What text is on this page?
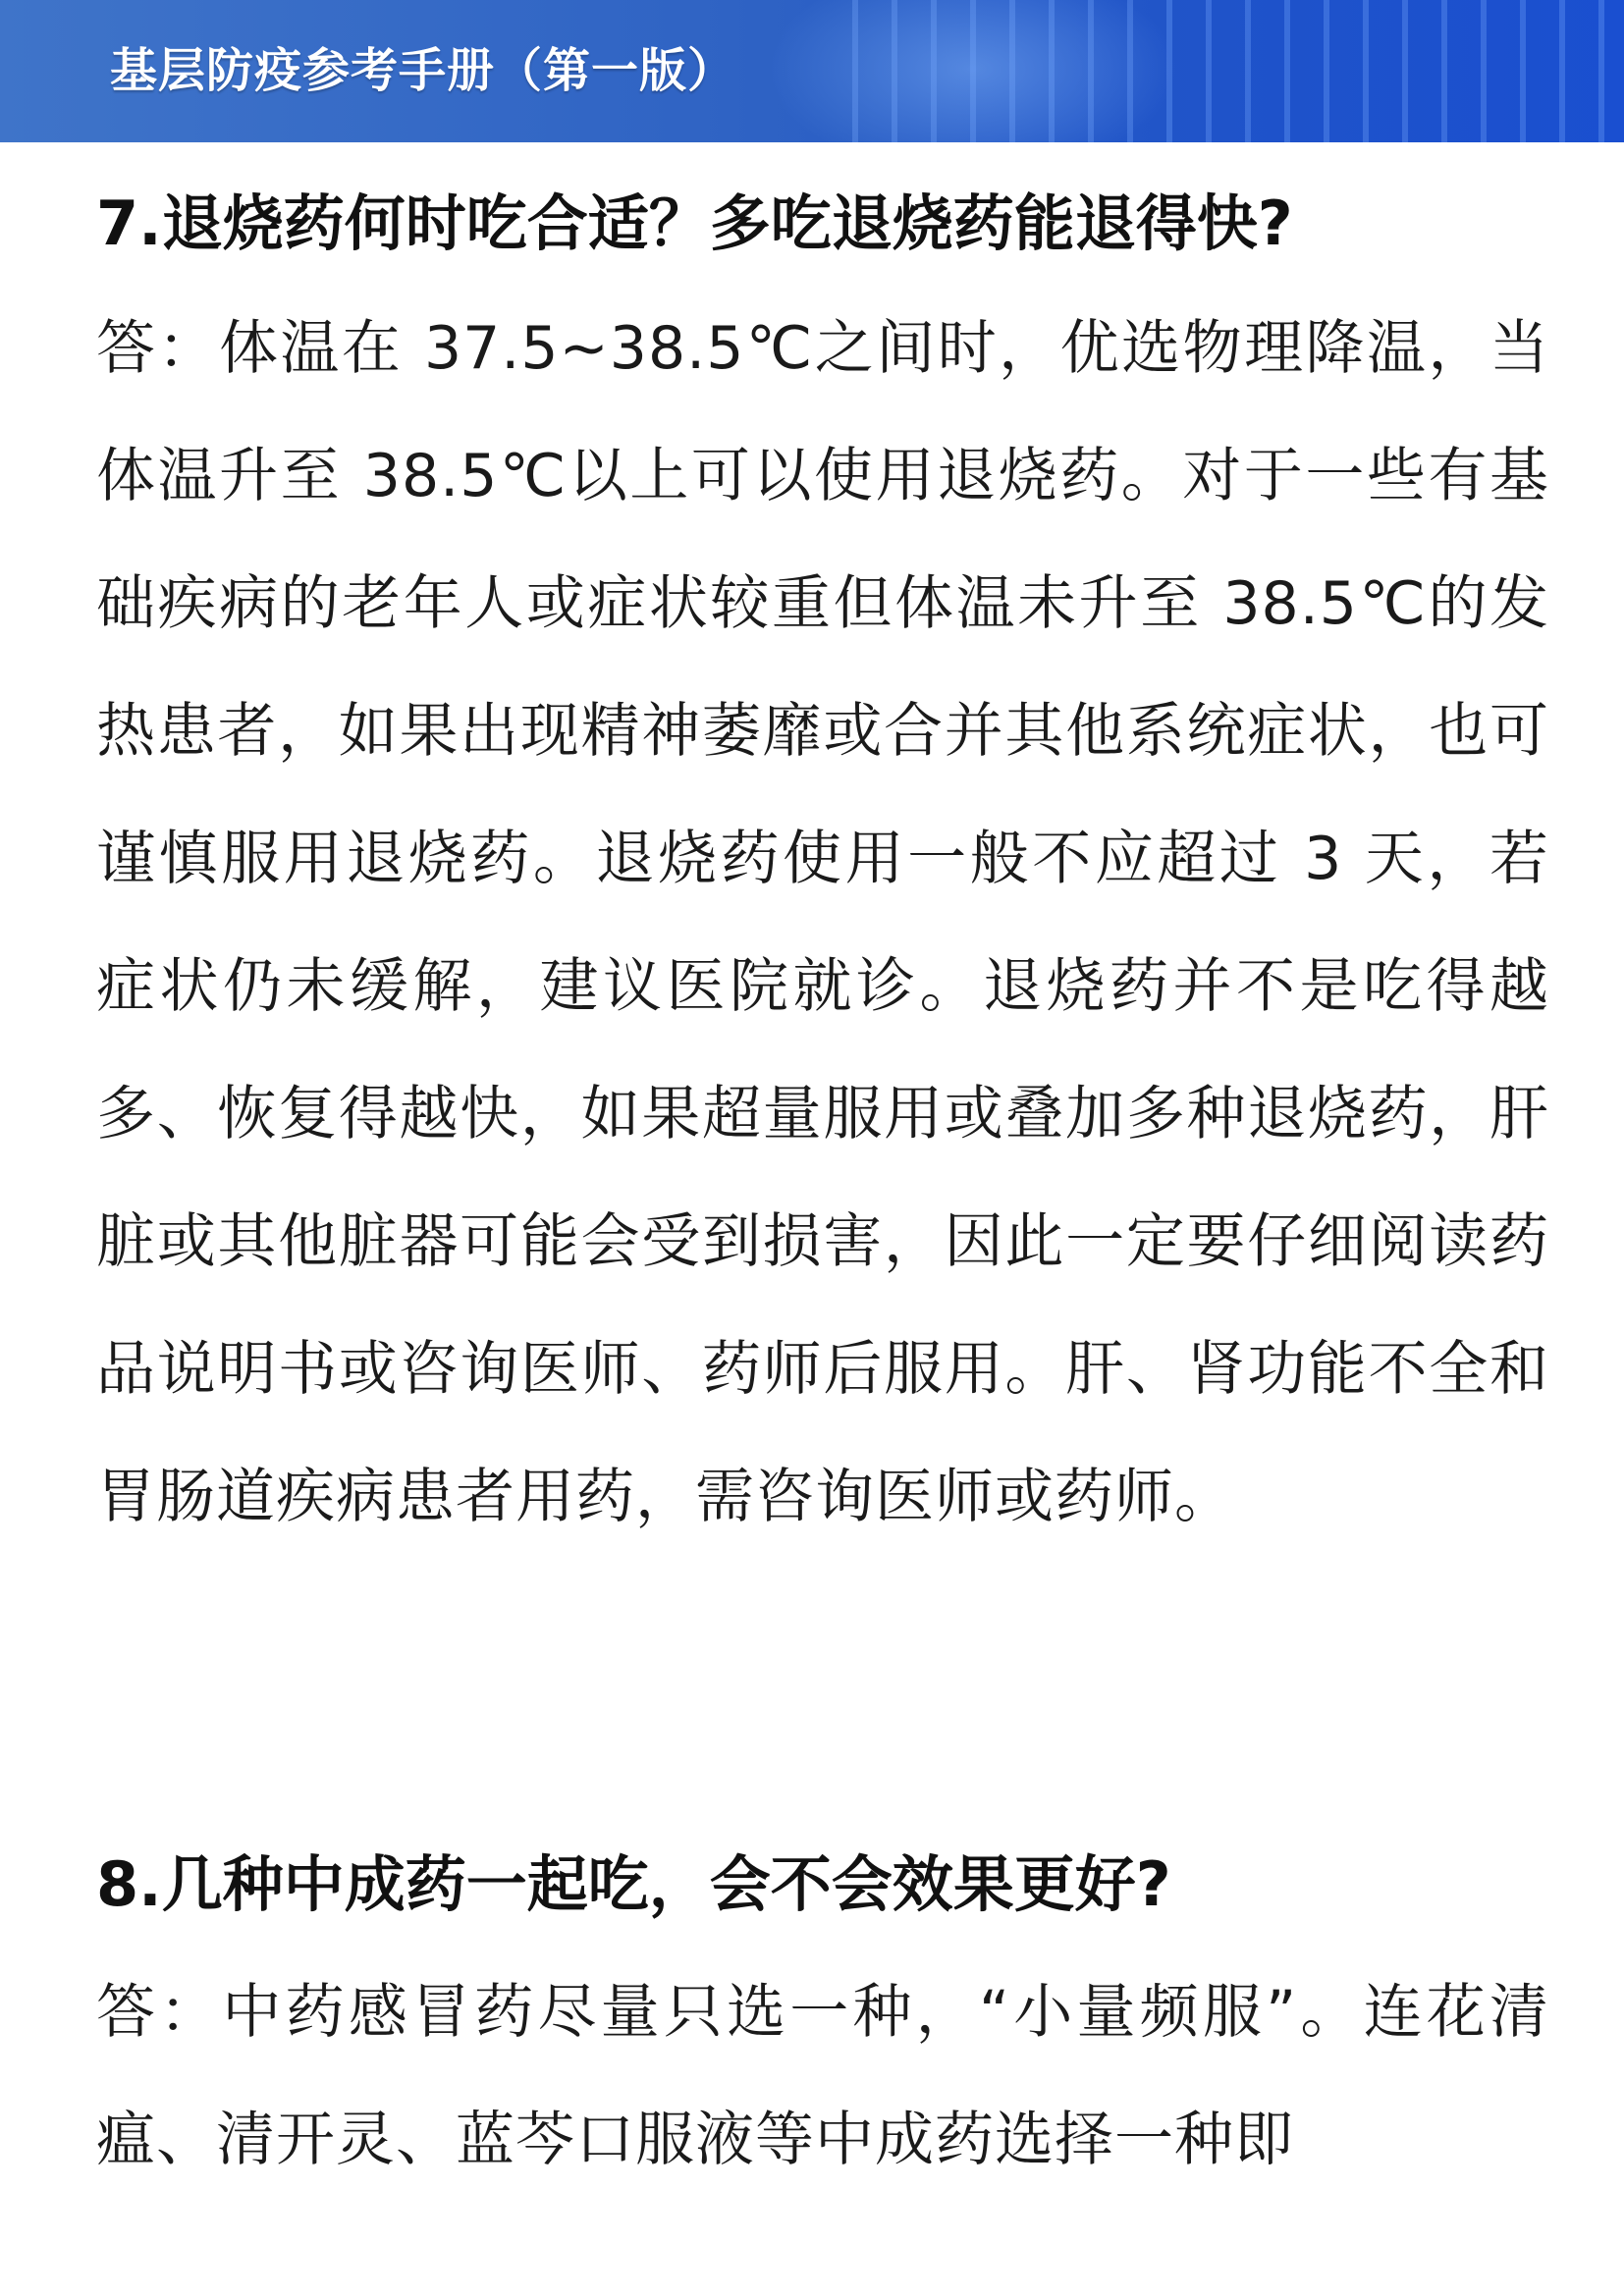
基层防疫参考手册（第一版）
7.退烧药何时吃合适？多吃退烧药能退得快?

答：体温在 37.5~38.5℃之间时，优选物理降温，当体温升至 38.5℃以上可以使用退烧药。对于一些有基础疾病的老年人或症状较重但体温未升至 38.5℃的发热患者，如果出现精神萎靡或合并其他系统症状，也可谨慎服用退烧药。退烧药使用一般不应超过 3 天，若症状仍未缓解，建议医院就诊。退烧药并不是吃得越多、恢复得越快，如果超量服用或叠加多种退烧药，肝脏或其他脏器可能会受到损害，因此一定要仔细阅读药品说明书或咨询医师、药师后服用。肝、肾功能不全和胃肠道疾病患者用药，需咨询医师或药师。

8.几种中成药一起吃，会不会效果更好?

答：中药感冒药尽量只选一种，“小量频服”。连花清瘟、清开灵、蓝芩口服液等中成药选择一种即
